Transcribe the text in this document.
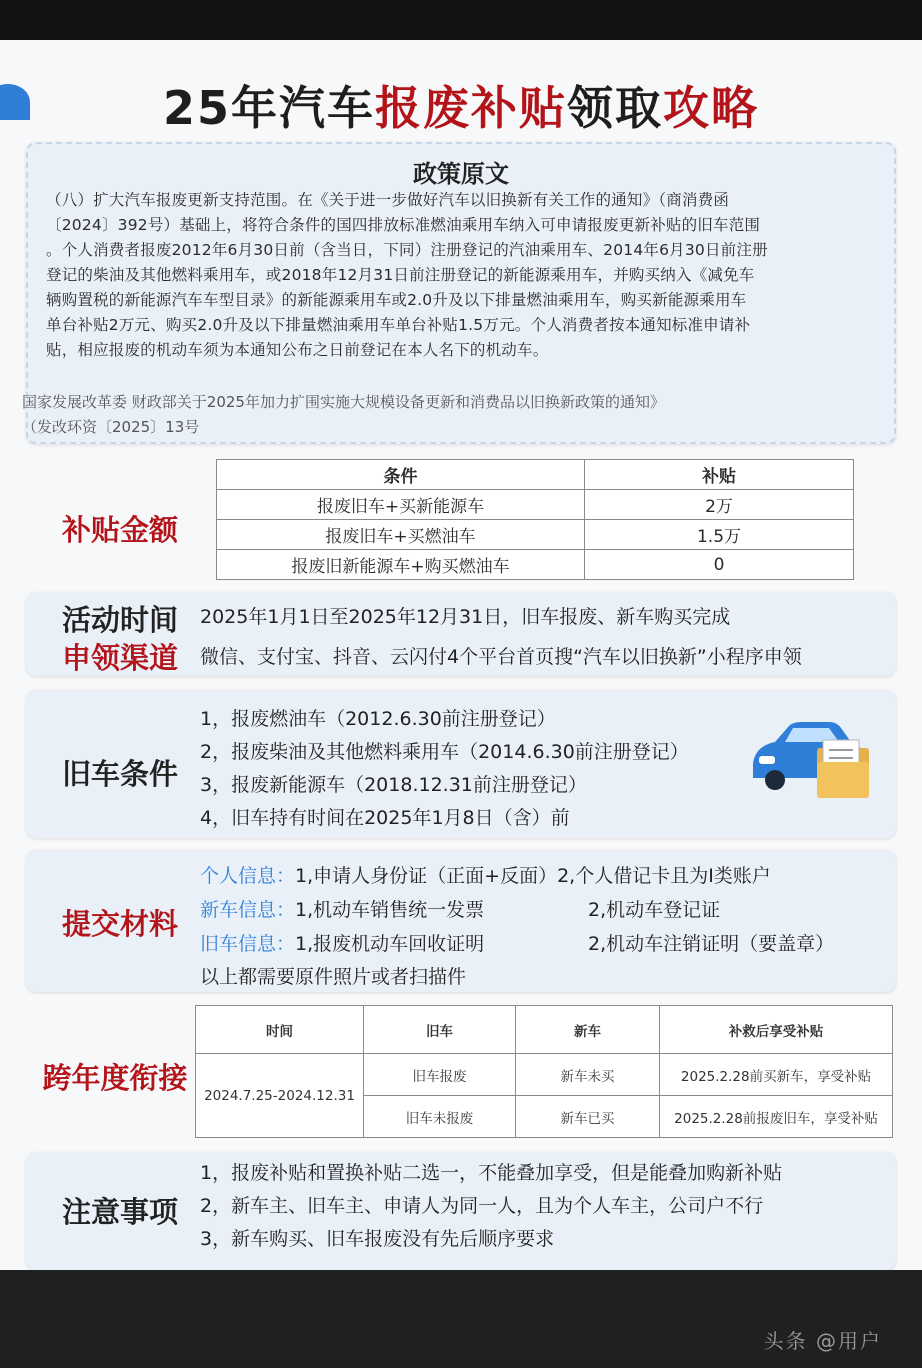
25年汽车报废补贴领取攻略
政策原文
（八）扩大汽车报废更新支持范围。在《关于进一步做好汽车以旧换新有关工作的通知》（商消费函
〔2024〕392号）基础上，将符合条件的国四排放标准燃油乘用车纳入可申请报废更新补贴的旧车范围
。个人消费者报废2012年6月30日前（含当日，下同）注册登记的汽油乘用车、2014年6月30日前注册
登记的柴油及其他燃料乘用车，或2018年12月31日前注册登记的新能源乘用车，并购买纳入《减免车
辆购置税的新能源汽车车型目录》的新能源乘用车或2.0升及以下排量燃油乘用车，购买新能源乘用车
单台补贴2万元、购买2.0升及以下排量燃油乘用车单台补贴1.5万元。个人消费者按本通知标准申请补
贴，相应报废的机动车须为本通知公布之日前登记在本人名下的机动车。
国家发展改革委 财政部关于2025年加力扩围实施大规模设备更新和消费品以旧换新政策的通知》
（发改环资〔2025〕13号
补贴金额
条件	补贴
报废旧车+买新能源车	2万
报废旧车+买燃油车	1.5万
报废旧新能源车+购买燃油车	0
活动时间
申领渠道
2025年1月1日至2025年12月31日，旧车报废、新车购买完成
微信、支付宝、抖音、云闪付4个平台首页搜“汽车以旧换新”小程序申领
旧车条件
1，报废燃油车（2012.6.30前注册登记）
2，报废柴油及其他燃料乘用车（2014.6.30前注册登记）
3，报废新能源车（2018.12.31前注册登记）
4，旧车持有时间在2025年1月8日（含）前
提交材料
个人信息：1,申请人身份证（正面+反面）2,个人借记卡且为I类账户
新车信息：1,机动车销售统一发票	2,机动车登记证
旧车信息：1,报废机动车回收证明	2,机动车注销证明（要盖章）
以上都需要原件照片或者扫描件
跨年度衔接
时间	旧车	新车	补救后享受补贴
2024.7.25-2024.12.31	旧车报废	新车未买	2025.2.28前买新车，享受补贴
	旧车未报废	新车已买	2025.2.28前报废旧车，享受补贴
注意事项
1，报废补贴和置换补贴二选一，不能叠加享受，但是能叠加购新补贴
2，新车主、旧车主、申请人为同一人，且为个人车主，公司户不行
3，新车购买、旧车报废没有先后顺序要求
头条 @用户
